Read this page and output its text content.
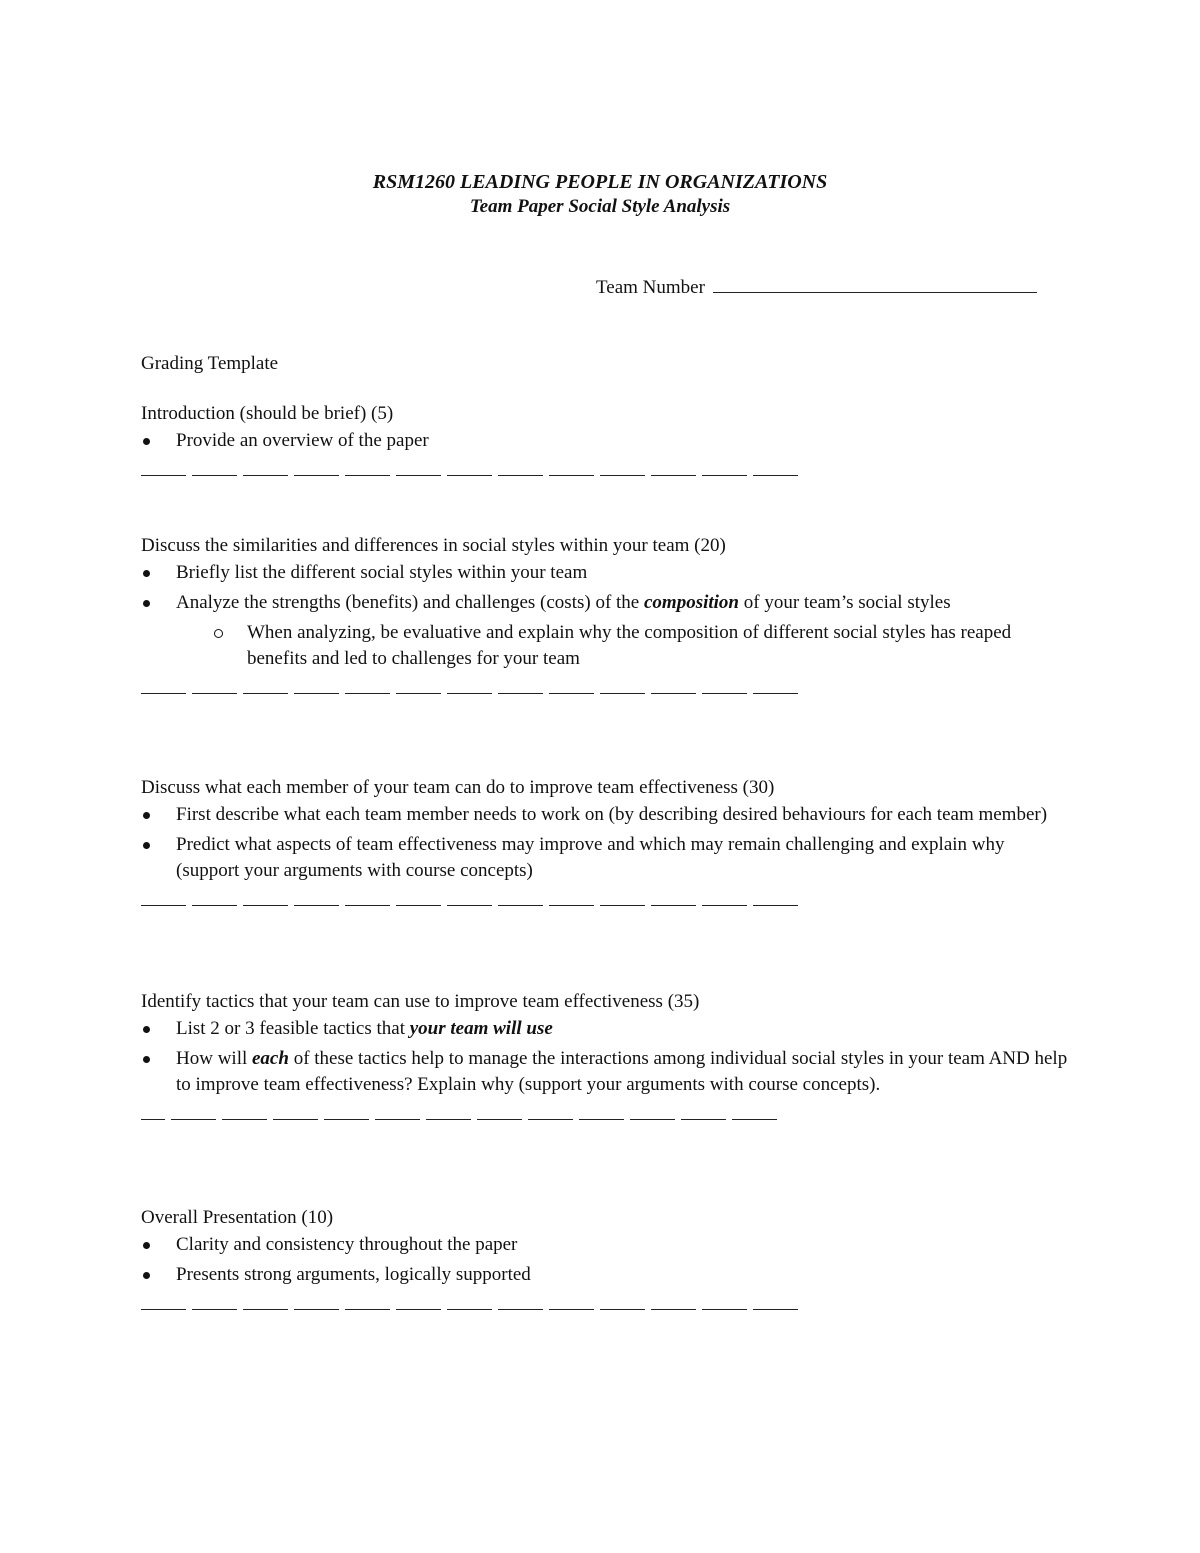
RSM1260 LEADING PEOPLE IN ORGANIZATIONS
Team Paper Social Style Analysis
Team Number
Grading Template
Introduction (should be brief) (5)
Provide an overview of the paper
Discuss the similarities and differences in social styles within your team (20)
Briefly list the different social styles within your team
Analyze the strengths (benefits) and challenges (costs) of the composition of your team’s social styles
When analyzing, be evaluative and explain why the composition of different social styles has reaped benefits and led to challenges for your team
Discuss what each member of your team can do to improve team effectiveness (30)
First describe what each team member needs to work on (by describing desired behaviours for each team member)
Predict what aspects of team effectiveness may improve and which may remain challenging and explain why (support your arguments with course concepts)
Identify tactics that your team can use to improve team effectiveness (35)
List 2 or 3 feasible tactics that your team will use
How will each of these tactics help to manage the interactions among individual social styles in your team AND help to improve team effectiveness? Explain why (support your arguments with course concepts).
Overall Presentation (10)
Clarity and consistency throughout the paper
Presents strong arguments, logically supported
